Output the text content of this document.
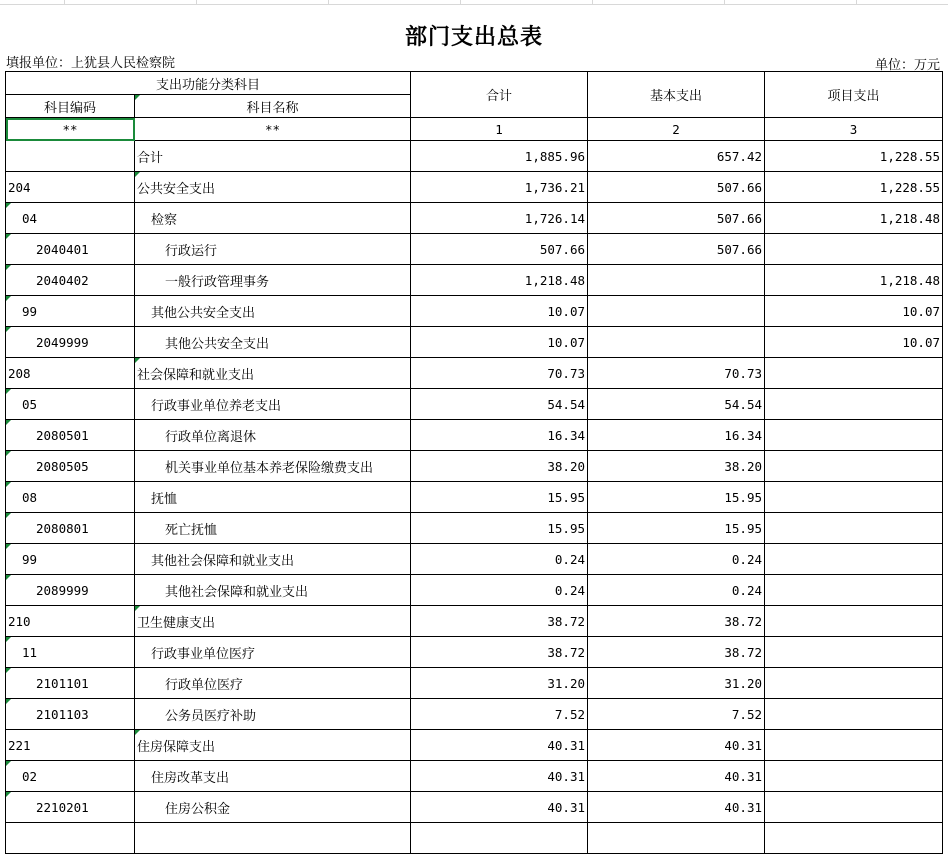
部门支出总表
填报单位：上犹县人民检察院	单位：万元
支出功能分类科目		合计	基本支出	项目支出
科目编码	科目名称			
**	**	1	2	3
	合计	1,885.96	657.42	1,228.55
204	公共安全支出	1,736.21	507.66	1,228.55
04	检察	1,726.14	507.66	1,218.48
2040401	行政运行	507.66	507.66	
2040402	一般行政管理事务	1,218.48		1,218.48
99	其他公共安全支出	10.07		10.07
2049999	其他公共安全支出	10.07		10.07
208	社会保障和就业支出	70.73	70.73	
05	行政事业单位养老支出	54.54	54.54	
2080501	行政单位离退休	16.34	16.34	
2080505	机关事业单位基本养老保险缴费支出	38.20	38.20	
08	抚恤	15.95	15.95	
2080801	死亡抚恤	15.95	15.95	
99	其他社会保障和就业支出	0.24	0.24	
2089999	其他社会保障和就业支出	0.24	0.24	
210	卫生健康支出	38.72	38.72	
11	行政事业单位医疗	38.72	38.72	
2101101	行政单位医疗	31.20	31.20	
2101103	公务员医疗补助	7.52	7.52	
221	住房保障支出	40.31	40.31	
02	住房改革支出	40.31	40.31	
2210201	住房公积金	40.31	40.31	
